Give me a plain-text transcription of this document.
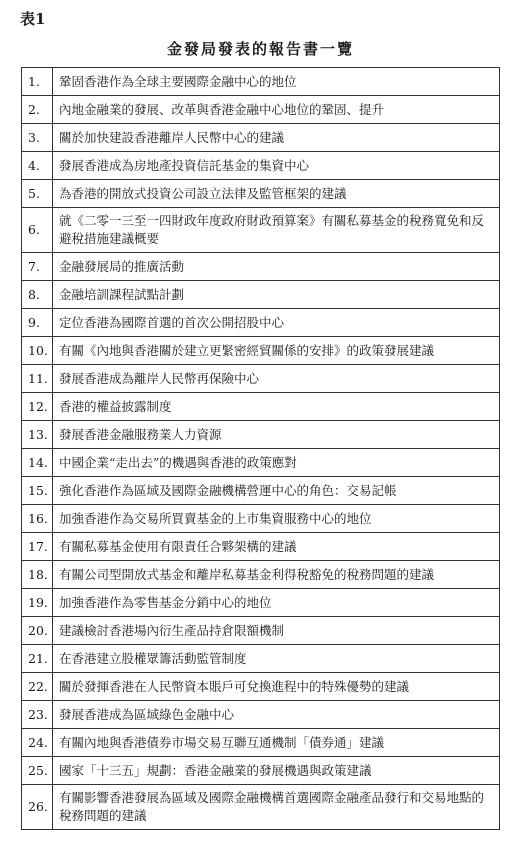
表1
金發局發表的報告書一覽
1.	鞏固香港作為全球主要國際金融中心的地位
2.	內地金融業的發展、改革與香港金融中心地位的鞏固、提升
3.	關於加快建設香港離岸人民幣中心的建議
4.	發展香港成為房地產投資信託基金的集資中心
5.	為香港的開放式投資公司設立法律及監管框架的建議
6.	就《二零一三至一四財政年度政府財政預算案》有關私募基金的稅務寬免和反避稅措施建議概要
7.	金融發展局的推廣活動
8.	金融培訓課程試點計劃
9.	定位香港為國際首選的首次公開招股中心
10.	有關《內地與香港關於建立更緊密經貿關係的安排》的政策發展建議
11.	發展香港成為離岸人民幣再保險中心
12.	香港的權益披露制度
13.	發展香港金融服務業人力資源
14.	中國企業“走出去”的機遇與香港的政策應對
15.	強化香港作為區域及國際金融機構營運中心的角色：交易記帳
16.	加強香港作為交易所買賣基金的上市集資服務中心的地位
17.	有關私募基金使用有限責任合夥架構的建議
18.	有關公司型開放式基金和離岸私募基金利得稅豁免的稅務問題的建議
19.	加強香港作為零售基金分銷中心的地位
20.	建議檢討香港場內衍生產品持倉限額機制
21.	在香港建立股權眾籌活動監管制度
22.	關於發揮香港在人民幣資本賬戶可兌換進程中的特殊優勢的建議
23.	發展香港成為區域綠色金融中心
24.	有關內地與香港債券市場交易互聯互通機制「債券通」建議
25.	國家「十三五」規劃：香港金融業的發展機遇與政策建議
26.	有關影響香港發展為區域及國際金融機構首選國際金融產品發行和交易地點的稅務問題的建議
